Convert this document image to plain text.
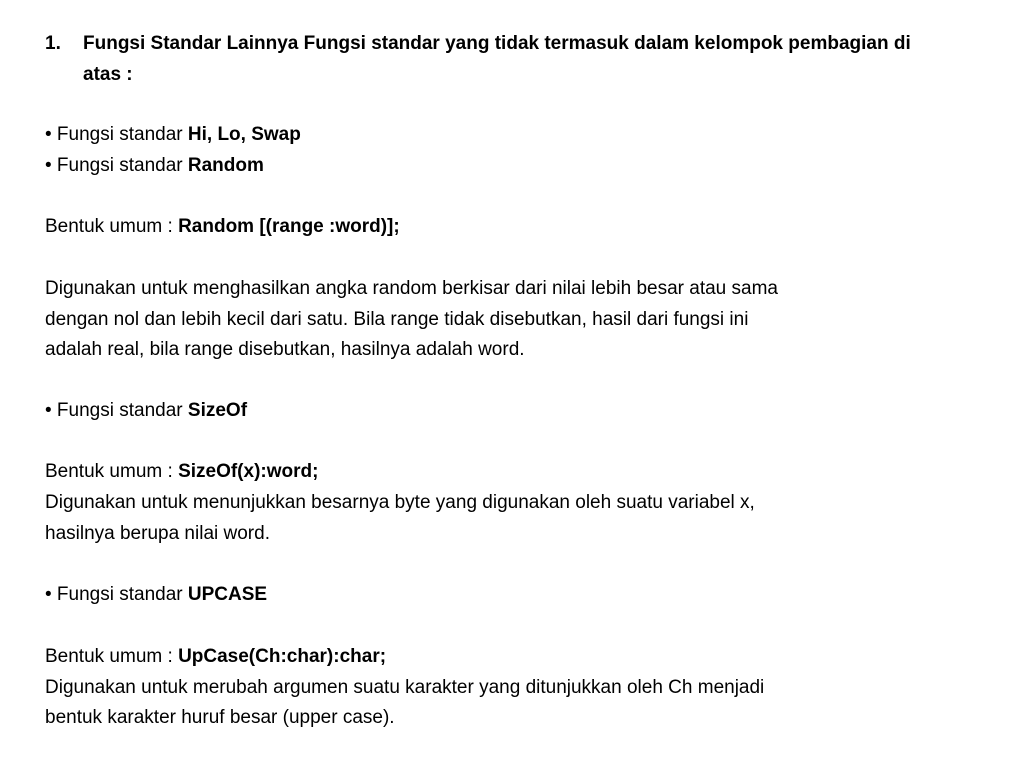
1.	Fungsi Standar Lainnya Fungsi standar yang tidak termasuk dalam kelompok pembagian di atas :
• Fungsi standar Hi, Lo, Swap
• Fungsi standar Random
Bentuk umum : Random [(range :word)];
Digunakan untuk menghasilkan angka random berkisar dari nilai lebih besar atau sama
dengan nol dan lebih kecil dari satu. Bila range tidak disebutkan, hasil dari fungsi ini
adalah real, bila range disebutkan, hasilnya adalah word.
• Fungsi standar SizeOf
Bentuk umum : SizeOf(x):word;
Digunakan untuk menunjukkan besarnya byte yang digunakan oleh suatu variabel x,
hasilnya berupa nilai word.
• Fungsi standar UPCASE
Bentuk umum : UpCase(Ch:char):char;
Digunakan untuk merubah argumen suatu karakter yang ditunjukkan oleh Ch menjadi
bentuk karakter huruf besar (upper case).
